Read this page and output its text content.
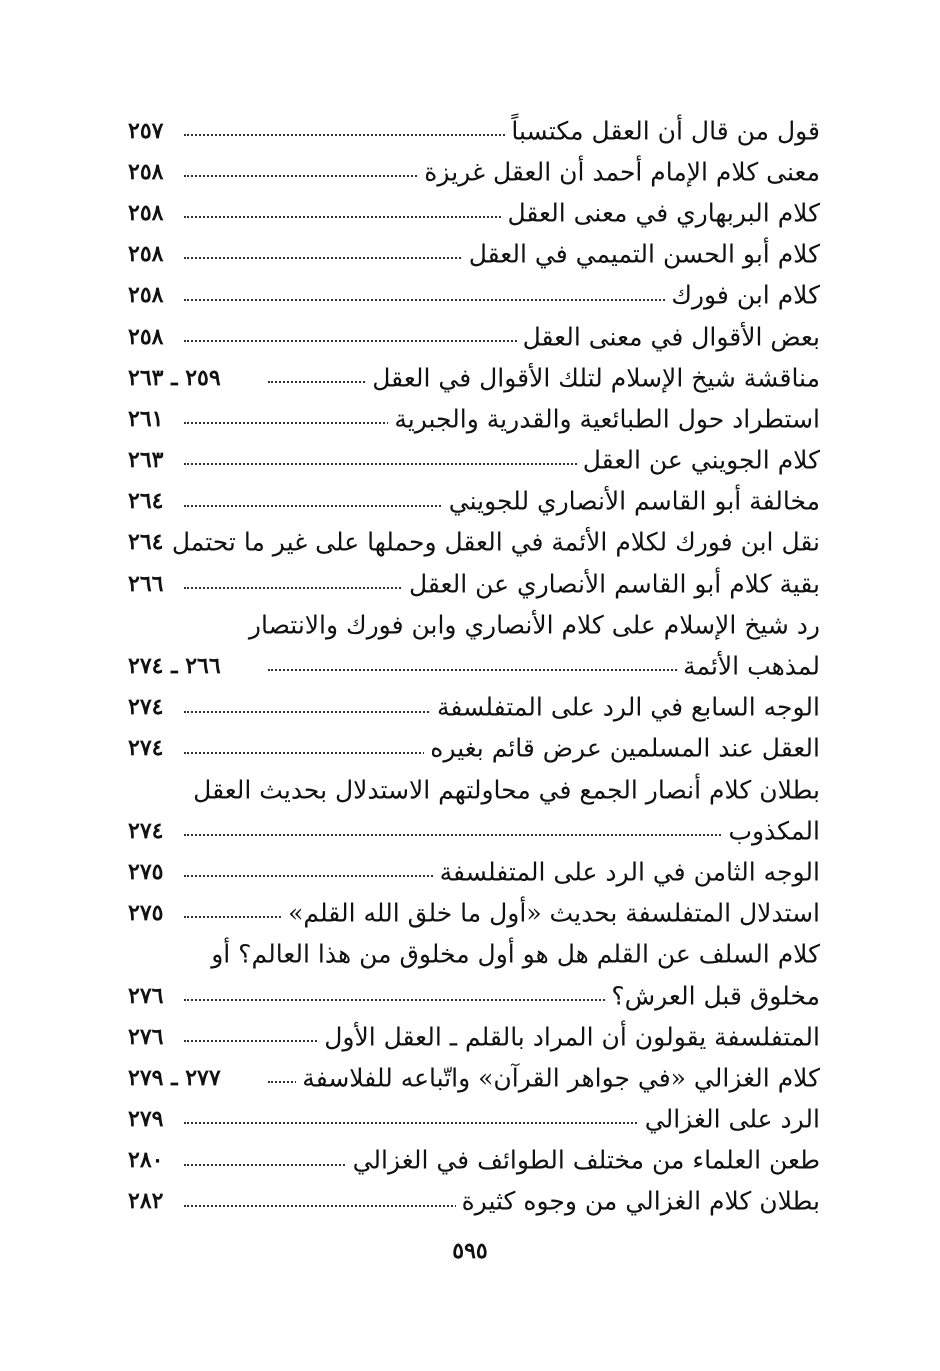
قول من قال أن العقل مكتسباً
٢٥٧
معنى كلام الإمام أحمد أن العقل غريزة
٢٥٨
كلام البربهاري في معنى العقل
٢٥٨
كلام أبو الحسن التميمي في العقل
٢٥٨
كلام ابن فورك
٢٥٨
بعض الأقوال في معنى العقل
٢٥٨
مناقشة شيخ الإسلام لتلك الأقوال في العقل
٢٥٩ ـ ٢٦٣
استطراد حول الطبائعية والقدرية والجبرية
٢٦١
كلام الجويني عن العقل
٢٦٣
مخالفة أبو القاسم الأنصاري للجويني
٢٦٤
نقل ابن فورك لكلام الأئمة في العقل وحملها على غير ما تحتمل
٢٦٤
بقية كلام أبو القاسم الأنصاري عن العقل
٢٦٦
رد شيخ الإسلام على كلام الأنصاري وابن فورك والانتصار
لمذهب الأئمة
٢٦٦ ـ ٢٧٤
الوجه السابع في الرد على المتفلسفة
٢٧٤
العقل عند المسلمين عرض قائم بغيره
٢٧٤
بطلان كلام أنصار الجمع في محاولتهم الاستدلال بحديث العقل
المكذوب
٢٧٤
الوجه الثامن في الرد على المتفلسفة
٢٧٥
استدلال المتفلسفة بحديث «أول ما خلق الله القلم»
٢٧٥
كلام السلف عن القلم هل هو أول مخلوق من هذا العالم؟ أو
مخلوق قبل العرش؟
٢٧٦
المتفلسفة يقولون أن المراد بالقلم ـ العقل الأول
٢٧٦
كلام الغزالي «في جواهر القرآن» واتّباعه للفلاسفة
٢٧٧ ـ ٢٧٩
الرد على الغزالي
٢٧٩
طعن العلماء من مختلف الطوائف في الغزالي
٢٨٠
بطلان كلام الغزالي من وجوه كثيرة
٢٨٢
٥٩٥
